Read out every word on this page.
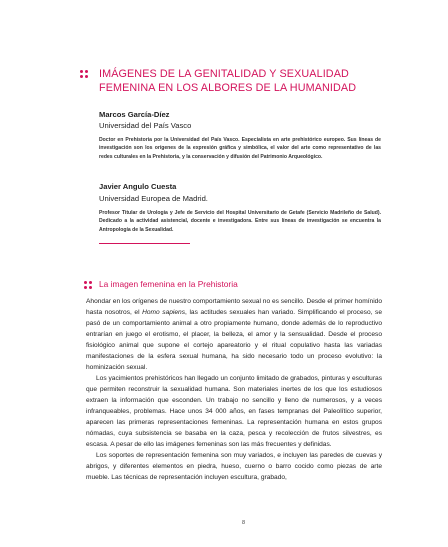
IMÁGENES DE LA GENITALIDAD Y SEXUALIDAD
FEMENINA EN LOS ALBORES DE LA HUMANIDAD
Marcos García-Díez
Universidad del País Vasco
Doctor en Prehistoria por la Universidad del País Vasco. Especialista en arte prehistórico europeo. Sus líneas de investigación son los orígenes de la expresión gráfica y simbólica, el valor del arte como representativo de las redes culturales en la Prehistoria, y la conservación y difusión del Patrimonio Arqueológico.
Javier Angulo Cuesta
Universidad Europea de Madrid.
Profesor Titular de Urología y Jefe de Servicio del Hospital Universitario de Getafe (Servicio Madrileño de Salud). Dedicado a la actividad asistencial, docente e investigadora. Entre sus líneas de investigación se encuentra la Antropología de la Sexualidad.
La imagen femenina en la Prehistoria

Ahondar en los orígenes de nuestro comportamiento sexual no es sencillo. Desde el primer homínido hasta nosotros, el Homo sapiens, las actitudes sexuales han variado. Simplificando el proceso, se pasó de un comportamiento animal a otro propiamente humano, donde además de lo reproductivo entrarían en juego el erotismo, el placer, la belleza, el amor y la sensualidad. Desde el proceso fisiológico animal que supone el cortejo apareatorio y el ritual copulativo hasta las variadas manifestaciones de la esfera sexual humana, ha sido necesario todo un proceso evolutivo: la hominización sexual.

Los yacimientos prehistóricos han llegado un conjunto limitado de grabados, pinturas y esculturas que permiten reconstruir la sexualidad humana. Son materiales inertes de los que los estudiosos extraen la información que esconden. Un trabajo no sencillo y lleno de numerosos, y a veces infranqueables, problemas. Hace unos 34 000 años, en fases tempranas del Paleolítico superior, aparecen las primeras representaciones femeninas. La representación humana en estos grupos nómadas, cuya subsistencia se basaba en la caza, pesca y recolección de frutos silvestres, es escasa. A pesar de ello las imágenes femeninas son las más frecuentes y definidas.

Los soportes de representación femenina son muy variados, e incluyen las paredes de cuevas y abrigos, y diferentes elementos en piedra, hueso, cuerno o barro cocido como piezas de arte mueble. Las técnicas de representación incluyen escultura, grabado,

8
